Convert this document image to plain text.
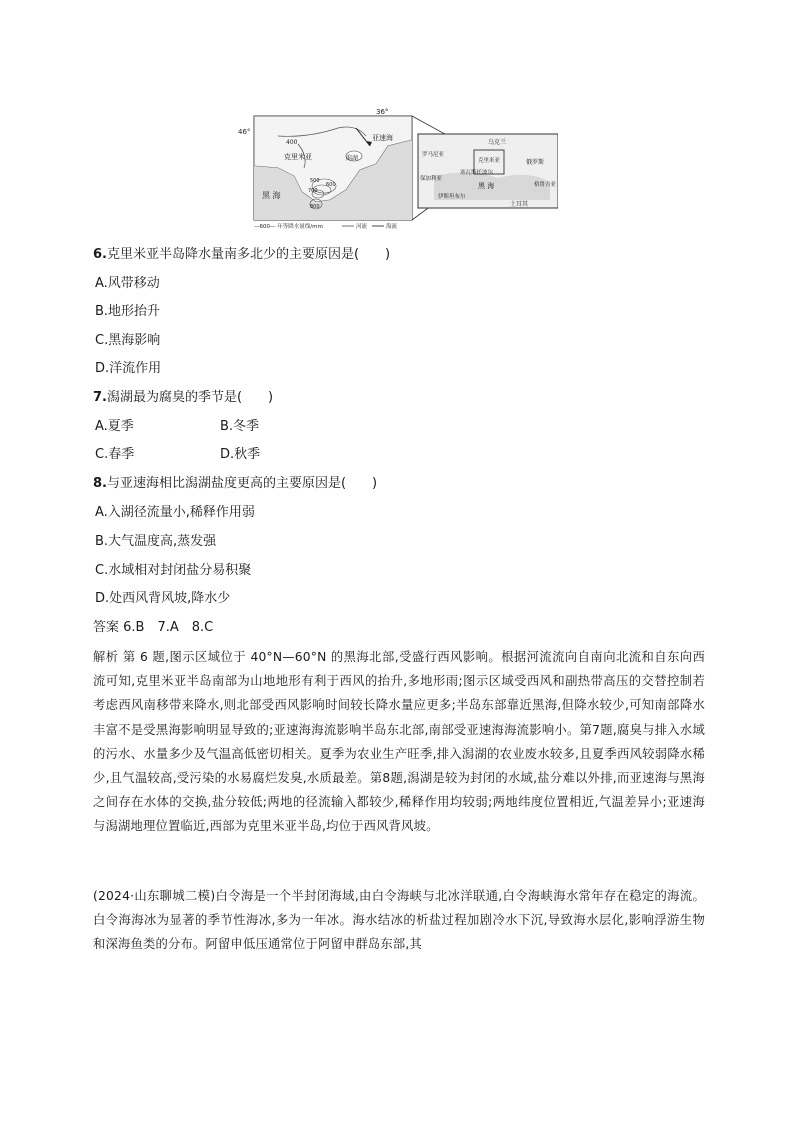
46°
36°
亚速海
克里米亚	潟湖
400
黑 海
500
600
700
800
—600— 年等降水量线/mm	河流	海流
乌克兰
罗马尼亚
俄罗斯
克里米亚
保加利亚
塞瓦斯托波尔
伊斯坦布尔
黑 海	格鲁吉亚
土耳其
6.克里米亚半岛降水量南多北少的主要原因是(　　)
A.风带移动
B.地形抬升
C.黑海影响
D.洋流作用
7.潟湖最为腐臭的季节是(　　)
A.夏季	B.冬季
C.春季	D.秋季
8.与亚速海相比潟湖盐度更高的主要原因是(　　)
A.入湖径流量小,稀释作用弱
B.大气温度高,蒸发强
C.水域相对封闭盐分易积聚
D.处西风背风坡,降水少
答案 6.B　7.A　8.C
解析 第 6 题,图示区域位于 40°N—60°N 的黑海北部,受盛行西风影响。根据河流流向自南向北流和自东向西流可知,克里米亚半岛南部为山地地形有利于西风的抬升,多地形雨;图示区域受西风和副热带高压的交替控制若考虑西风南移带来降水,则北部受西风影响时间较长降水量应更多;半岛东部靠近黑海,但降水较少,可知南部降水丰富不是受黑海影响明显导致的;亚速海海流影响半岛东北部,南部受亚速海海流影响小。第7题,腐臭与排入水域的污水、水量多少及气温高低密切相关。夏季为农业生产旺季,排入潟湖的农业废水较多,且夏季西风较弱降水稀少,且气温较高,受污染的水易腐烂发臭,水质最差。第8题,潟湖是较为封闭的水域,盐分难以外排,而亚速海与黑海之间存在水体的交换,盐分较低;两地的径流输入都较少,稀释作用均较弱;两地纬度位置相近,气温差异小;亚速海与潟湖地理位置临近,西部为克里米亚半岛,均位于西风背风坡。
(2024·山东聊城二模)白令海是一个半封闭海域,由白令海峡与北冰洋联通,白令海峡海水常年存在稳定的海流。白令海海冰为显著的季节性海冰,多为一年冰。海水结冰的析盐过程加剧冷水下沉,导致海水层化,影响浮游生物和深海鱼类的分布。阿留申低压通常位于阿留申群岛东部,其
